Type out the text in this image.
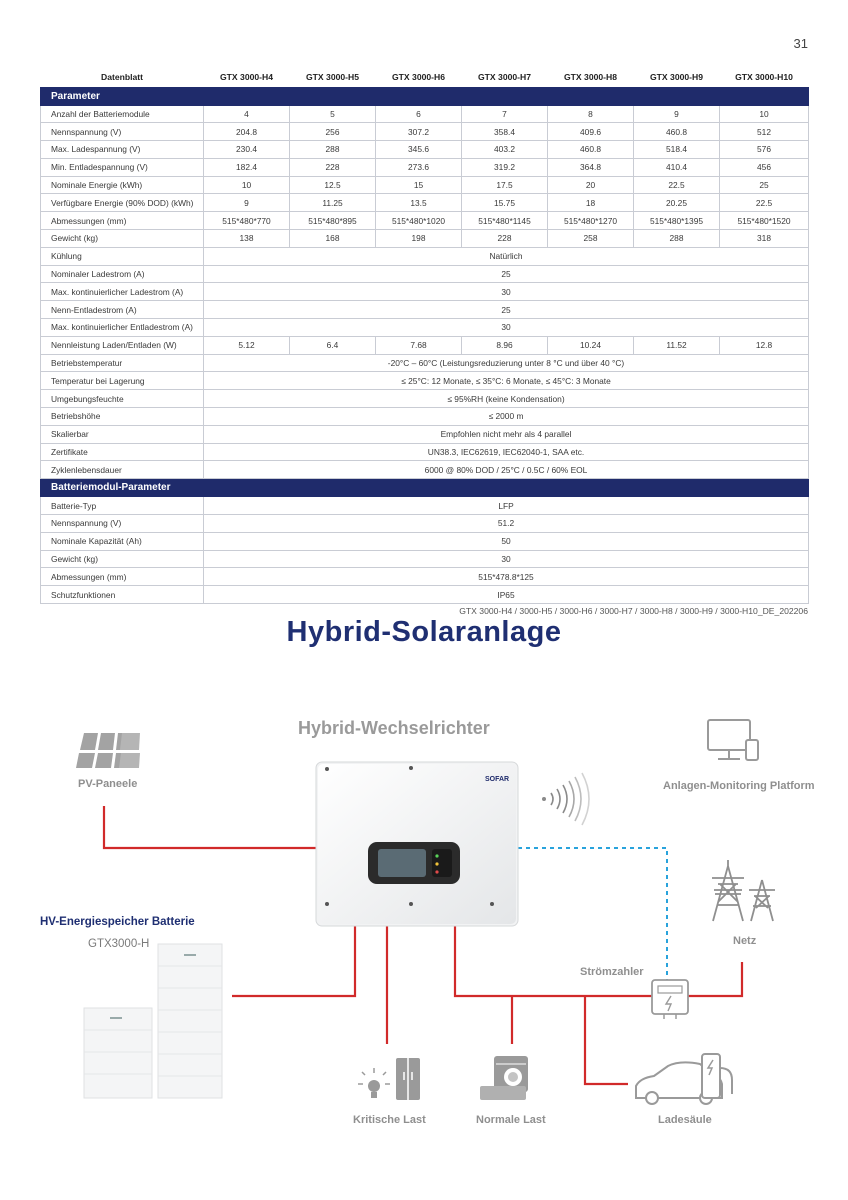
31
Datenblatt	GTX 3000-H4	GTX 3000-H5	GTX 3000-H6	GTX 3000-H7	GTX 3000-H8	GTX 3000-H9	GTX 3000-H10
Parameter							
Anzahl der Batteriemodule	4	5	6	7	8	9	10
Nennspannung (V)	204.8	256	307.2	358.4	409.6	460.8	512
Max. Ladespannung (V)	230.4	288	345.6	403.2	460.8	518.4	576
Min. Entladespannung (V)	182.4	228	273.6	319.2	364.8	410.4	456
Nominale Energie (kWh)	10	12.5	15	17.5	20	22.5	25
Verfügbare Energie (90% DOD) (kWh)	9	11.25	13.5	15.75	18	20.25	22.5
Abmessungen (mm)	515*480*770	515*480*895	515*480*1020	515*480*1145	515*480*1270	515*480*1395	515*480*1520
Gewicht (kg)	138	168	198	228	258	288	318
Kühlung	Natürlich						
Nominaler Ladestrom (A)	25						
Max. kontinuierlicher Ladestrom (A)	30						
Nenn-Entladestrom (A)	25						
Max. kontinuierlicher Entladestrom (A)	30						
Nennleistung Laden/Entladen (W)	5.12	6.4	7.68	8.96	10.24	11.52	12.8
Betriebstemperatur	-20°C – 60°C (Leistungsreduzierung unter 8 °C und über 40 °C)						
Temperatur bei Lagerung	≤ 25°C: 12 Monate, ≤ 35°C: 6 Monate, ≤ 45°C: 3 Monate						
Umgebungsfeuchte	≤ 95%RH (keine Kondensation)						
Betriebshöhe	≤ 2000 m						
Skalierbar	Empfohlen nicht mehr als 4 parallel						
Zertifikate	UN38.3, IEC62619, IEC62040-1, SAA etc.						
Zyklenlebensdauer	6000 @ 80% DOD / 25°C / 0.5C / 60% EOL						
Batteriemodul-Parameter							
Batterie-Typ	LFP						
Nennspannung (V)	51.2						
Nominale Kapazität (Ah)	50						
Gewicht (kg)	30						
Abmessungen (mm)	515*478.8*125						
Schutzfunktionen	IP65						
GTX 3000-H4 / 3000-H5 / 3000-H6 / 3000-H7 / 3000-H8 / 3000-H9 / 3000-H10_DE_202206
Hybrid-Solaranlage
SOFAR
Hybrid-Wechselrichter
PV-Paneele	Anlagen-Monitoring Platform
Netz
Strömzahler
HV-Energiespeicher Batterie
GTX3000-H
Kritische Last	Normale Last	Ladesäule
